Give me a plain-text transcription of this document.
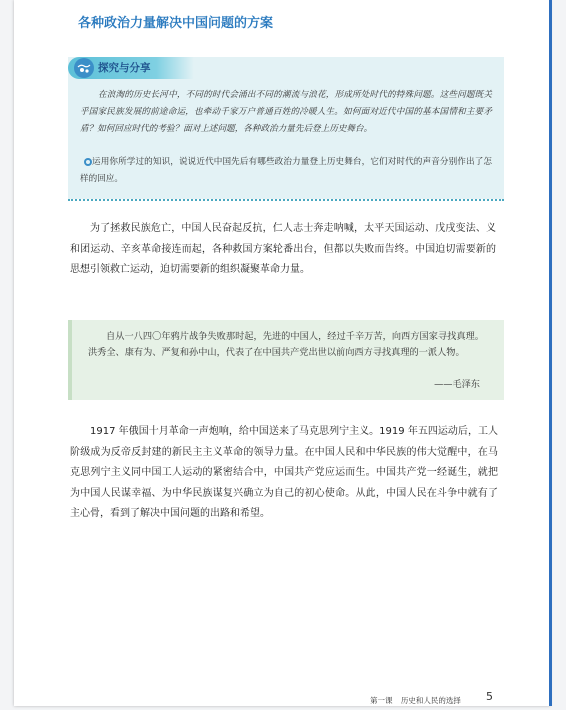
各种政治力量解决中国问题的方案
探究与分享
在浪淘的历史长河中，不同的时代会涌出不同的潮流与浪花，形成所处时代的特殊问题。这些问题既关乎国家民族发展的前途命运，也牵动千家万户普通百姓的冷暖人生。如何面对近代中国的基本国情和主要矛盾？如何回应时代的考验？面对上述问题，各种政治力量先后登上历史舞台。
运用你所学过的知识，说说近代中国先后有哪些政治力量登上历史舞台，它们对时代的声音分别作出了怎样的回应。
为了拯救民族危亡，中国人民奋起反抗，仁人志士奔走呐喊，太平天国运动、戊戌变法、义和团运动、辛亥革命接连而起，各种救国方案轮番出台，但都以失败而告终。中国迫切需要新的思想引领救亡运动，迫切需要新的组织凝聚革命力量。
自从一八四〇年鸦片战争失败那时起，先进的中国人，经过千辛万苦，向西方国家寻找真理。洪秀全、康有为、严复和孙中山，代表了在中国共产党出世以前向西方寻找真理的一派人物。
——毛泽东
1917 年俄国十月革命一声炮响，给中国送来了马克思列宁主义。1919 年五四运动后，工人阶级成为反帝反封建的新民主主义革命的领导力量。在中国人民和中华民族的伟大觉醒中，在马克思列宁主义同中国工人运动的紧密结合中，中国共产党应运而生。中国共产党一经诞生，就把为中国人民谋幸福、为中华民族谋复兴确立为自己的初心使命。从此，中国人民在斗争中就有了主心骨，看到了解决中国问题的出路和希望。
第一课 历史和人民的选择	5
